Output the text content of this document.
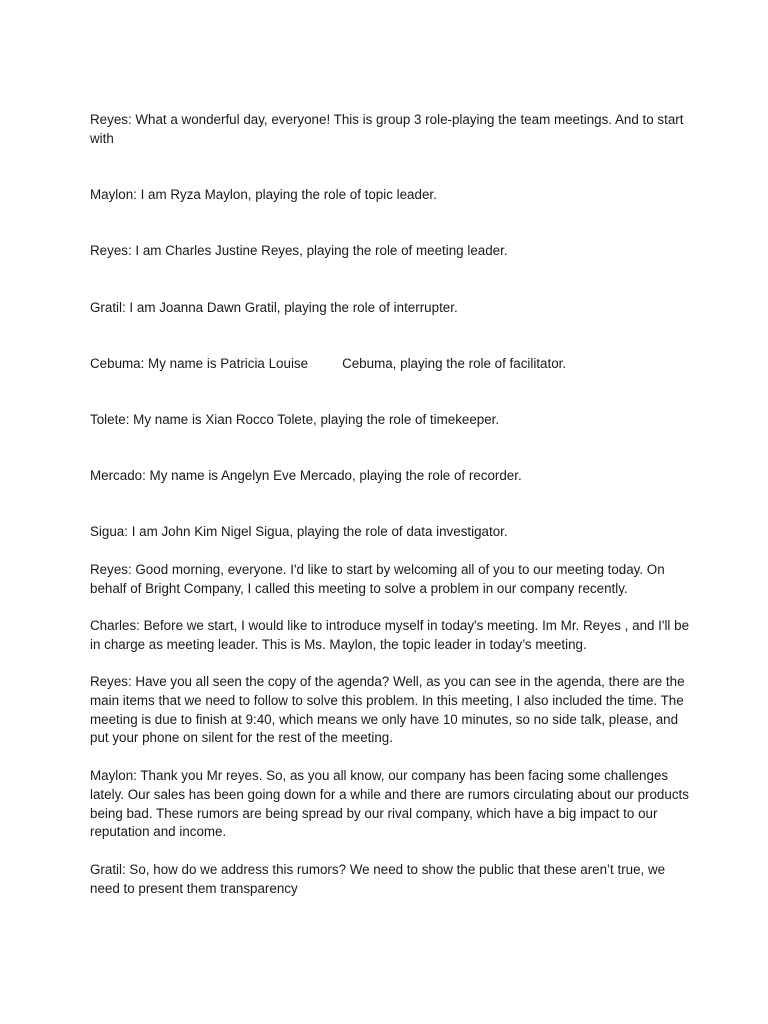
Reyes: What a wonderful day, everyone! This is group 3 role-playing the team meetings. And to start with

Maylon: I am Ryza Maylon, playing the role of topic leader.

Reyes: I am Charles Justine Reyes, playing the role of meeting leader.

Gratil: I am Joanna Dawn Gratil, playing the role of interrupter.

Cebuma: My name is Patricia Louise	Cebuma, playing the role of facilitator.

Tolete: My name is Xian Rocco Tolete, playing the role of timekeeper.

Mercado: My name is Angelyn Eve Mercado, playing the role of recorder.

Sigua: I am John Kim Nigel Sigua, playing the role of data investigator.

Reyes: Good morning, everyone. I'd like to start by welcoming all of you to our meeting today. On behalf of Bright Company, I called this meeting to solve a problem in our company recently.

Charles: Before we start, I would like to introduce myself in today's meeting. Im Mr. Reyes , and I'll be in charge as meeting leader. This is Ms. Maylon, the topic leader in today’s meeting.

Reyes: Have you all seen the copy of the agenda? Well, as you can see in the agenda, there are the main items that we need to follow to solve this problem. In this meeting, I also included the time. The meeting is due to finish at 9:40, which means we only have 10 minutes, so no side talk, please, and put your phone on silent for the rest of the meeting.

Maylon: Thank you Mr reyes. So, as you all know, our company has been facing some challenges lately. Our sales has been going down for a while and there are rumors circulating about our products being bad. These rumors are being spread by our rival company, which have a big impact to our reputation and income.

Gratil: So, how do we address this rumors? We need to show the public that these aren’t true, we need to present them transparency
